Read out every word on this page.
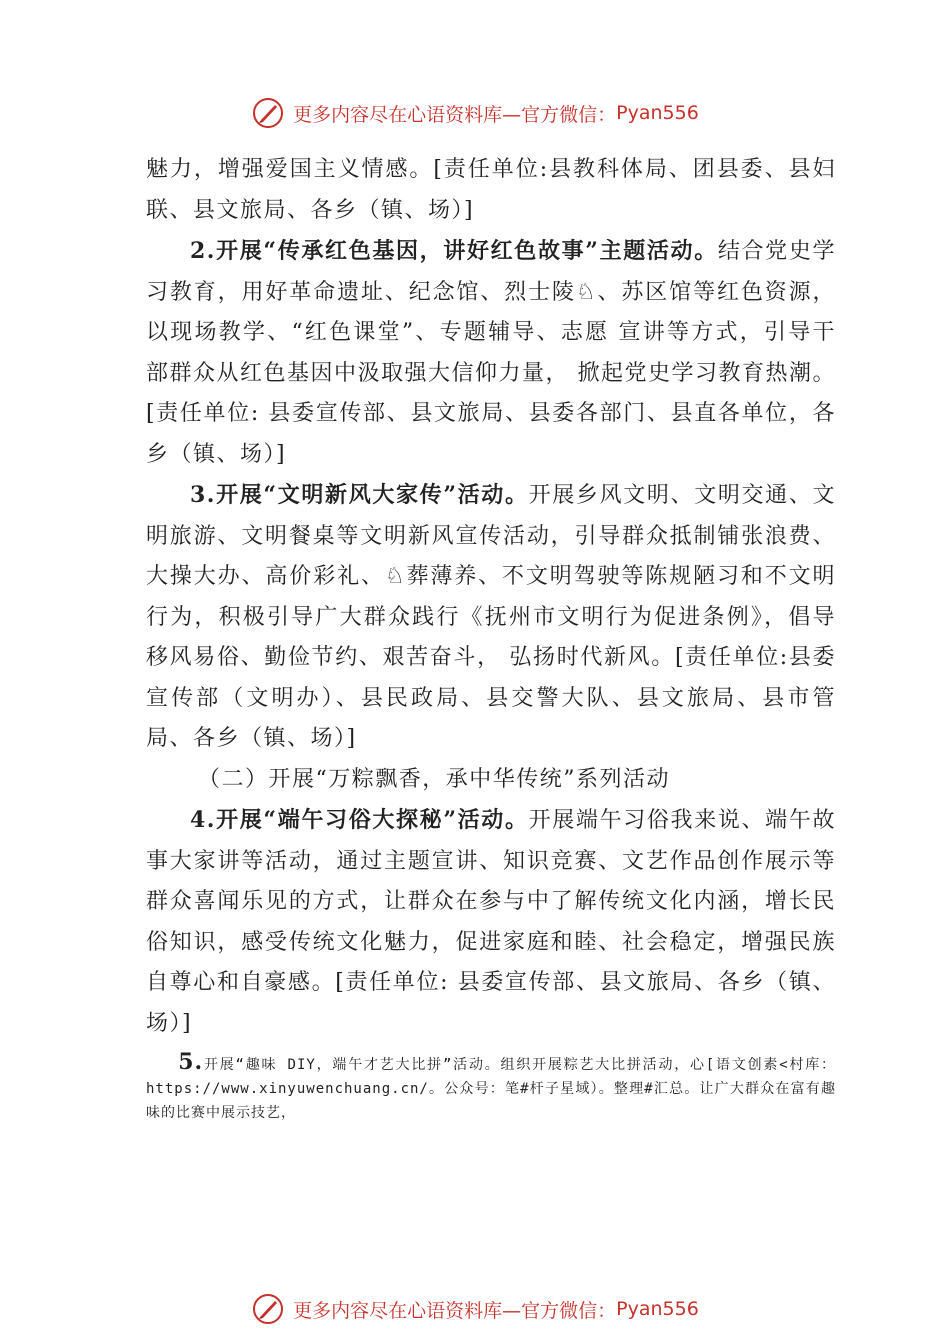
更多内容尽在心语资料库—官方微信： Pyan556

魅力，增强爱国主义情感。[责任单位:县教科体局、团县委、县妇联、县文旅局、各乡（镇、场）]

2.开展“传承红色基因，讲好红色故事”主题活动。结合党史学习教育，用好革命遗址、纪念馆、烈士陵♘、苏区馆等红色资源，以现场教学、“红色课堂”、专题辅导、志愿 宣讲等方式，引导干部群众从红色基因中汲取强大信仰力量， 掀起党史学习教育热潮。[责任单位: 县委宣传部、县文旅局、县委各部门、县直各单位，各乡（镇、场）]

3.开展“文明新风大家传”活动。开展乡风文明、文明交通、文明旅游、文明餐桌等文明新风宣传活动，引导群众抵制铺张浪费、大操大办、高价彩礼、♘葬薄养、不文明驾驶等陈规陋习和不文明行为，积极引导广大群众践行《抚州市文明行为促进条例》，倡导移风易俗、勤俭节约、艰苦奋斗， 弘扬时代新风。[责任单位:县委宣传部（文明办）、县民政局、县交警大队、县文旅局、县市管局、各乡（镇、场）]

（二）开展“万粽飘香，承中华传统”系列活动

4.开展“端午习俗大探秘”活动。开展端午习俗我来说、端午故事大家讲等活动，通过主题宣讲、知识竞赛、文艺作品创作展示等群众喜闻乐见的方式，让群众在参与中了解传统文化内涵，增长民俗知识，感受传统文化魅力，促进家庭和睦、社会稳定，增强民族自尊心和自豪感。[责任单位: 县委宣传部、县文旅局、各乡（镇、场）]

5.开展“趣味 DIY，端午才艺大比拼”活动。组织开展粽艺大比拼活动，心[语文创素<村库：https://www.xinyuwenchuang.cn/。公众号：笔#杆子星域）。整理#汇总。让广大群众在富有趣味的比赛中展示技艺，

更多内容尽在心语资料库—官方微信： Pyan556
